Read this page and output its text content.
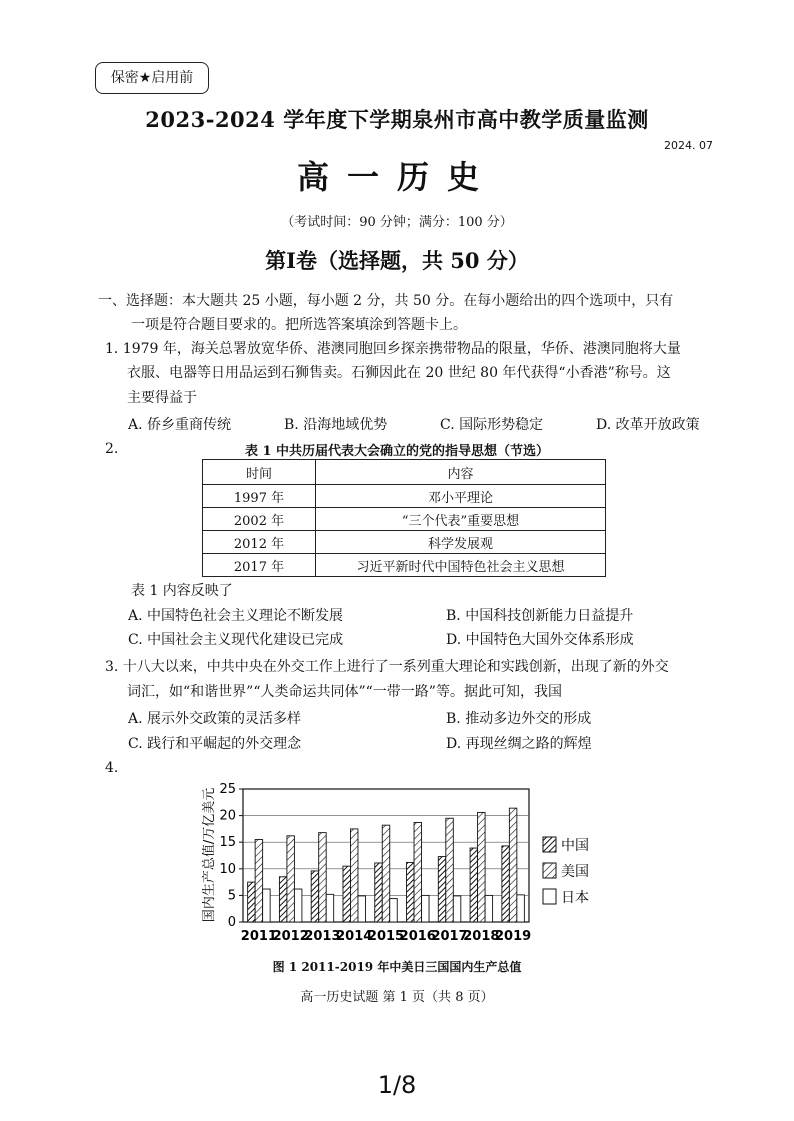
保密★启用前
2023-2024 学年度下学期泉州市高中教学质量监测
2024. 07
高一历史
（考试时间：90 分钟；满分：100 分）
第Ⅰ卷（选择题，共 50 分）
一、选择题：本大题共 25 小题，每小题 2 分，共 50 分。在每小题给出的四个选项中，只有
一项是符合题目要求的。把所选答案填涂到答题卡上。
1. 1979 年，海关总署放宽华侨、港澳同胞回乡探亲携带物品的限量，华侨、港澳同胞将大量
衣服、电器等日用品运到石狮售卖。石狮因此在 20 世纪 80 年代获得“小香港”称号。这
主要得益于
A. 侨乡重商传统	B. 沿海地域优势	C. 国际形势稳定	D. 改革开放政策
2.	表 1 中共历届代表大会确立的党的指导思想（节选）
时间	内容
1997 年	邓小平理论
2002 年	“三个代表”重要思想
2012 年	科学发展观
2017 年	习近平新时代中国特色社会主义思想
表 1 内容反映了
A. 中国特色社会主义理论不断发展	B. 中国科技创新能力日益提升
C. 中国社会主义现代化建设已完成	D. 中国特色大国外交体系形成
3. 十八大以来，中共中央在外交工作上进行了一系列重大理论和实践创新，出现了新的外交
词汇，如“和谐世界”“人类命运共同体”“一带一路”等。据此可知，我国
A. 展示外交政策的灵活多样	B. 推动多边外交的形成
C. 践行和平崛起的外交理念	D. 再现丝绸之路的辉煌
4.
国内生产总值/万亿美元
0
5
10
15
20
25
2011
2012
2013
2014
2015
2016
2017
2018
2019
中国
美国
日本
图 1 2011-2019 年中美日三国国内生产总值
高一历史试题 第 1 页（共 8 页）
1/8
